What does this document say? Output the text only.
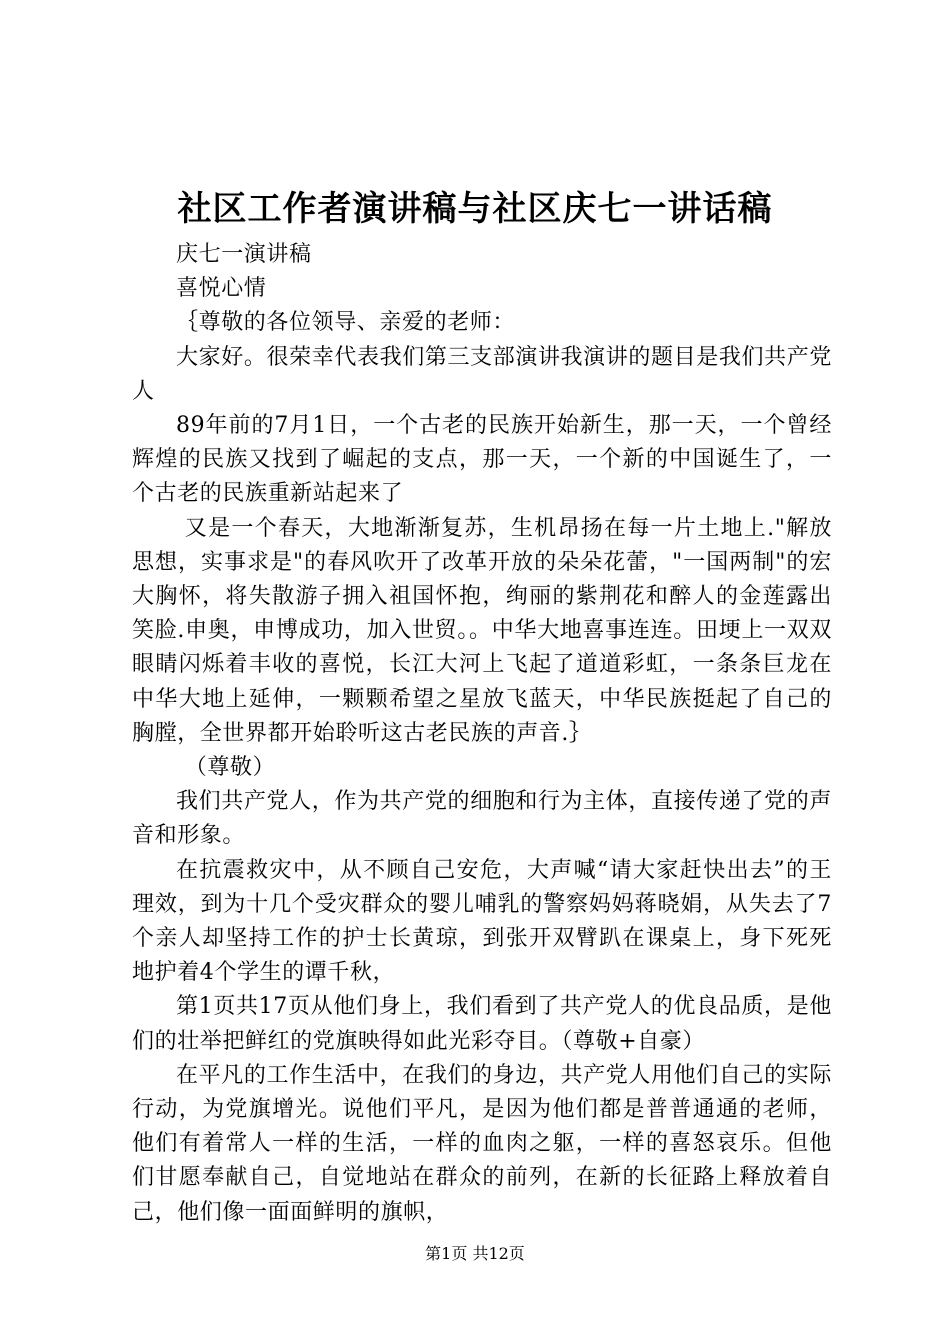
社区工作者演讲稿与社区庆七一讲话稿

庆七一演讲稿

喜悦心情

｛尊敬的各位领导、亲爱的老师：

大家好。很荣幸代表我们第三支部演讲我演讲的题目是我们共产党人

89年前的7月1日，一个古老的民族开始新生，那一天，一个曾经辉煌的民族又找到了崛起的支点，那一天，一个新的中国诞生了，一个古老的民族重新站起来了

又是一个春天，大地渐渐复苏，生机昂扬在每一片土地上."解放思想，实事求是"的春风吹开了改革开放的朵朵花蕾，"一国两制"的宏大胸怀，将失散游子拥入祖国怀抱，绚丽的紫荆花和醉人的金莲露出笑脸.申奥，申博成功，加入世贸。。中华大地喜事连连。田埂上一双双眼睛闪烁着丰收的喜悦，长江大河上飞起了道道彩虹，一条条巨龙在中华大地上延伸，一颗颗希望之星放飞蓝天，中华民族挺起了自己的胸膛，全世界都开始聆听这古老民族的声音.｝

（尊敬）

我们共产党人，作为共产党的细胞和行为主体，直接传递了党的声音和形象。

在抗震救灾中，从不顾自己安危，大声喊“请大家赶快出去”的王理效，到为十几个受灾群众的婴儿哺乳的警察妈妈蒋晓娟，从失去了7个亲人却坚持工作的护士长黄琼，到张开双臂趴在课桌上，身下死死地护着4个学生的谭千秋，

第1页共17页从他们身上，我们看到了共产党人的优良品质，是他们的壮举把鲜红的党旗映得如此光彩夺目。（尊敬+自豪）

在平凡的工作生活中，在我们的身边，共产党人用他们自己的实际行动，为党旗增光。说他们平凡，是因为他们都是普普通通的老师，他们有着常人一样的生活，一样的血肉之躯，一样的喜怒哀乐。但他们甘愿奉献自己，自觉地站在群众的前列，在新的长征路上释放着自己，他们像一面面鲜明的旗帜，

第1页 共12页
